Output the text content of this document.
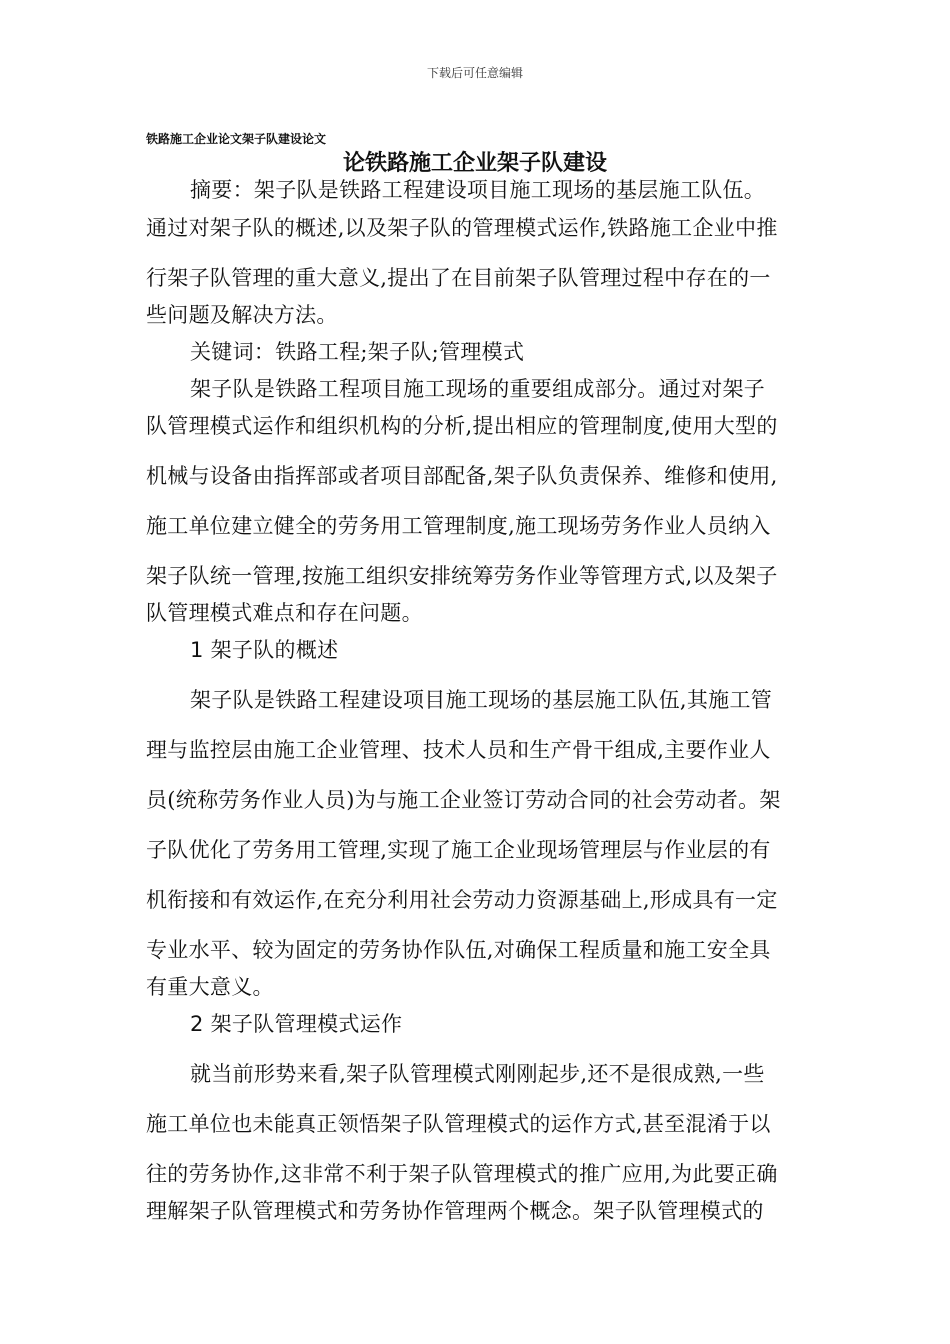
下载后可任意编辑
铁路施工企业论文架子队建设论文
论铁路施工企业架子队建设
摘要：架子队是铁路工程建设项目施工现场的基层施工队伍。
通过对架子队的概述,以及架子队的管理模式运作,铁路施工企业中推
行架子队管理的重大意义,提出了在目前架子队管理过程中存在的一
些问题及解决方法。
关键词：铁路工程;架子队;管理模式
架子队是铁路工程项目施工现场的重要组成部分。通过对架子
队管理模式运作和组织机构的分析,提出相应的管理制度,使用大型的
机械与设备由指挥部或者项目部配备,架子队负责保养、维修和使用,
施工单位建立健全的劳务用工管理制度,施工现场劳务作业人员纳入
架子队统一管理,按施工组织安排统筹劳务作业等管理方式,以及架子
队管理模式难点和存在问题。
1 架子队的概述
架子队是铁路工程建设项目施工现场的基层施工队伍,其施工管
理与监控层由施工企业管理、技术人员和生产骨干组成,主要作业人
员(统称劳务作业人员)为与施工企业签订劳动合同的社会劳动者。架
子队优化了劳务用工管理,实现了施工企业现场管理层与作业层的有
机衔接和有效运作,在充分利用社会劳动力资源基础上,形成具有一定
专业水平、较为固定的劳务协作队伍,对确保工程质量和施工安全具
有重大意义。
2 架子队管理模式运作
就当前形势来看,架子队管理模式刚刚起步,还不是很成熟,一些
施工单位也未能真正领悟架子队管理模式的运作方式,甚至混淆于以
往的劳务协作,这非常不利于架子队管理模式的推广应用,为此要正确
理解架子队管理模式和劳务协作管理两个概念。架子队管理模式的
